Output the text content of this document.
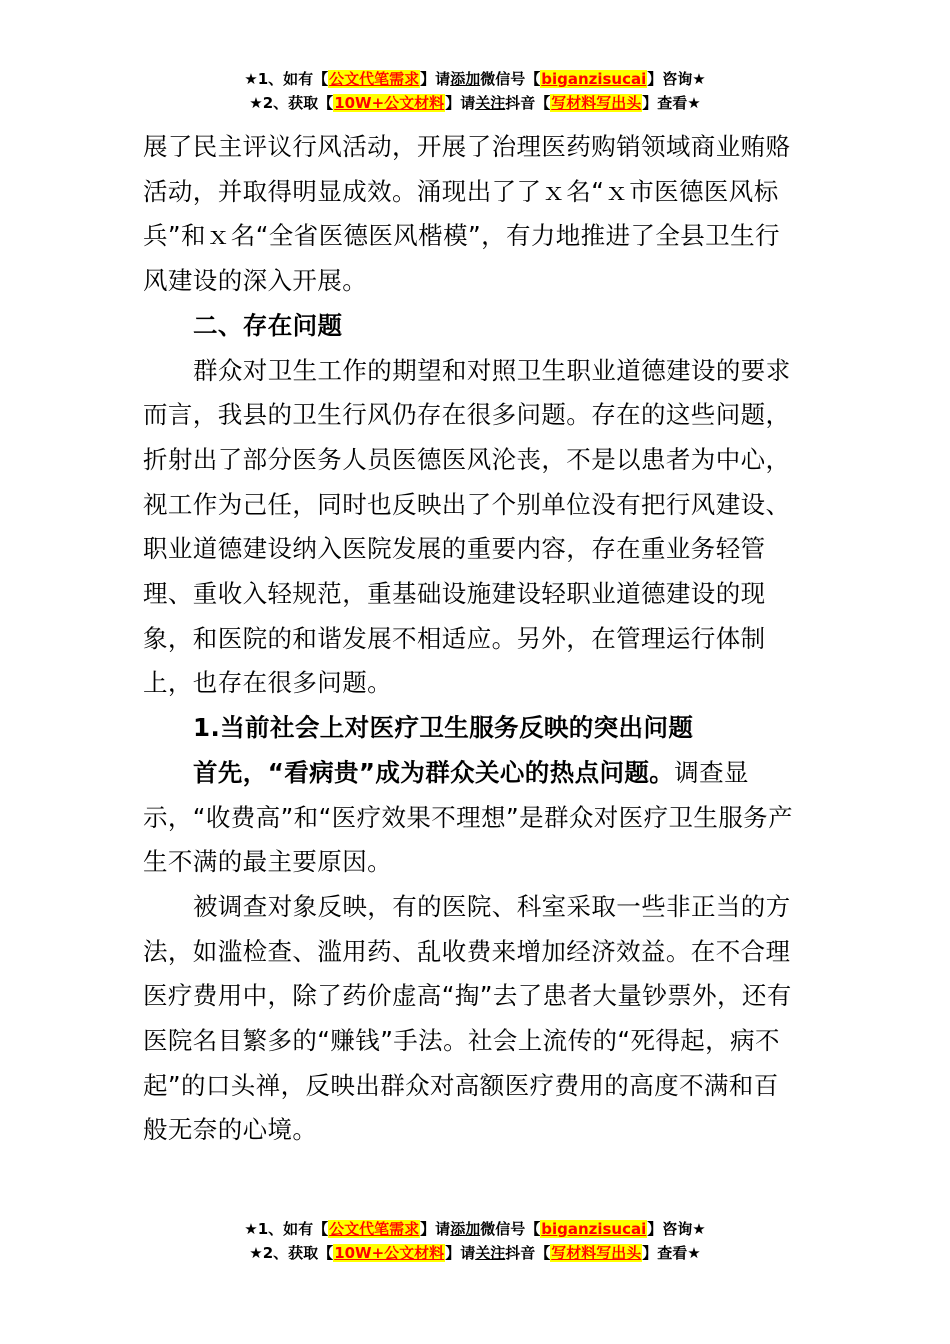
★1、如有【公文代笔需求】请添加微信号【biganzisucai】咨询★
★2、获取【10W+公文材料】请关注抖音【写材料写出头】查看★

展了民主评议行风活动，开展了治理医药购销领域商业贿赂活动，并取得明显成效。涌现出了了ｘ名“ｘ市医德医风标兵”和ｘ名“全省医德医风楷模”，有力地推进了全县卫生行风建设的深入开展。

二、存在问题

群众对卫生工作的期望和对照卫生职业道德建设的要求而言，我县的卫生行风仍存在很多问题。存在的这些问题，折射出了部分医务人员医德医风沦丧，不是以患者为中心，视工作为己任，同时也反映出了个别单位没有把行风建设、职业道德建设纳入医院发展的重要内容，存在重业务轻管理、重收入轻规范，重基础设施建设轻职业道德建设的现象，和医院的和谐发展不相适应。另外，在管理运行体制上，也存在很多问题。

1.当前社会上对医疗卫生服务反映的突出问题

首先，“看病贵”成为群众关心的热点问题。调查显示，“收费高”和“医疗效果不理想”是群众对医疗卫生服务产生不满的最主要原因。

被调查对象反映，有的医院、科室采取一些非正当的方法，如滥检查、滥用药、乱收费来增加经济效益。在不合理医疗费用中，除了药价虚高“掏”去了患者大量钞票外，还有医院名目繁多的“赚钱”手法。社会上流传的“死得起，病不起”的口头禅，反映出群众对高额医疗费用的高度不满和百般无奈的心境。

★1、如有【公文代笔需求】请添加微信号【biganzisucai】咨询★
★2、获取【10W+公文材料】请关注抖音【写材料写出头】查看★
